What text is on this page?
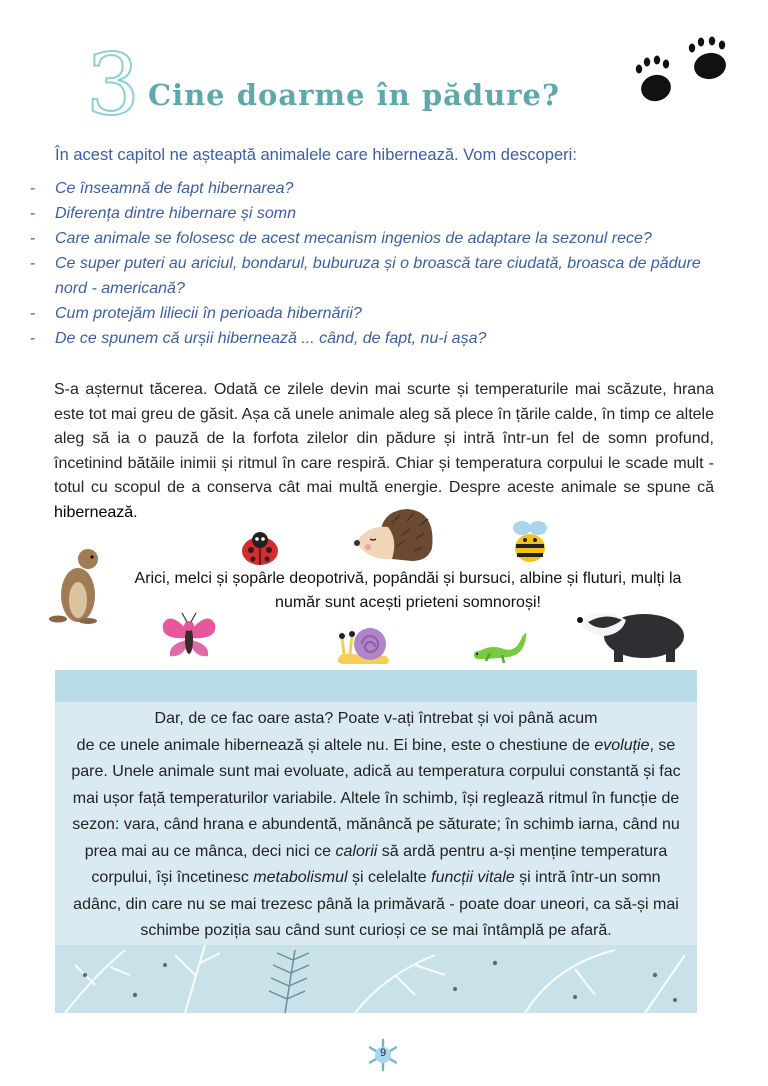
3 Cine doarme în pădure?
În acest capitol ne așteaptă animalele care hibernează. Vom descoperi:
- Ce înseamnă de fapt hibernarea?
- Diferența dintre hibernare și somn
- Care animale se folosesc de acest mecanism ingenios de adaptare la sezonul rece?
- Ce super puteri au ariciul, bondarul, buburuza și o broască tare ciudată, broasca de pădure nord - americană?
- Cum protejăm liliecii în perioada hibernării?
- De ce spunem că urșii hibernează ... când, de fapt, nu-i așa?
S-a așternut tăcerea. Odată ce zilele devin mai scurte și temperaturile mai scăzute, hrana este tot mai greu de găsit. Așa că unele animale aleg să plece în țările calde, în timp ce altele aleg să ia o pauză de la forfota zilelor din pădure și intră într-un fel de somn profund, încetinind bătăile inimii și ritmul în care respiră. Chiar și temperatura corpului le scade mult - totul cu scopul de a conserva cât mai multă energie. Despre aceste animale se spune că hibernează.
Arici, melci și șopârle deopotrivă, popândăi și bursuci, albine și fluturi, mulți la
număr sunt acești prieteni somnoroși!
Dar, de ce fac oare asta? Poate v-ați întrebat și voi până acum
de ce unele animale hibernează și altele nu. Ei bine, este o chestiune de evoluție, se
pare. Unele animale sunt mai evoluate, adică au temperatura corpului constantă și fac
mai ușor față temperaturilor variabile. Altele în schimb, își reglează ritmul în funcție de
sezon: vara, când hrana e abundentă, mănâncă pe săturate; în schimb iarna, când nu
prea mai au ce mânca, deci nici ce calorii să ardă pentru a-și menține temperatura
corpului, își încetinesc metabolismul și celelalte funcții vitale și intră într-un somn
adânc, din care nu se mai trezesc până la primăvară - poate doar uneori, ca să-și mai
schimbe poziția sau când sunt curioși ce se mai întâmplă pe afară.
9
